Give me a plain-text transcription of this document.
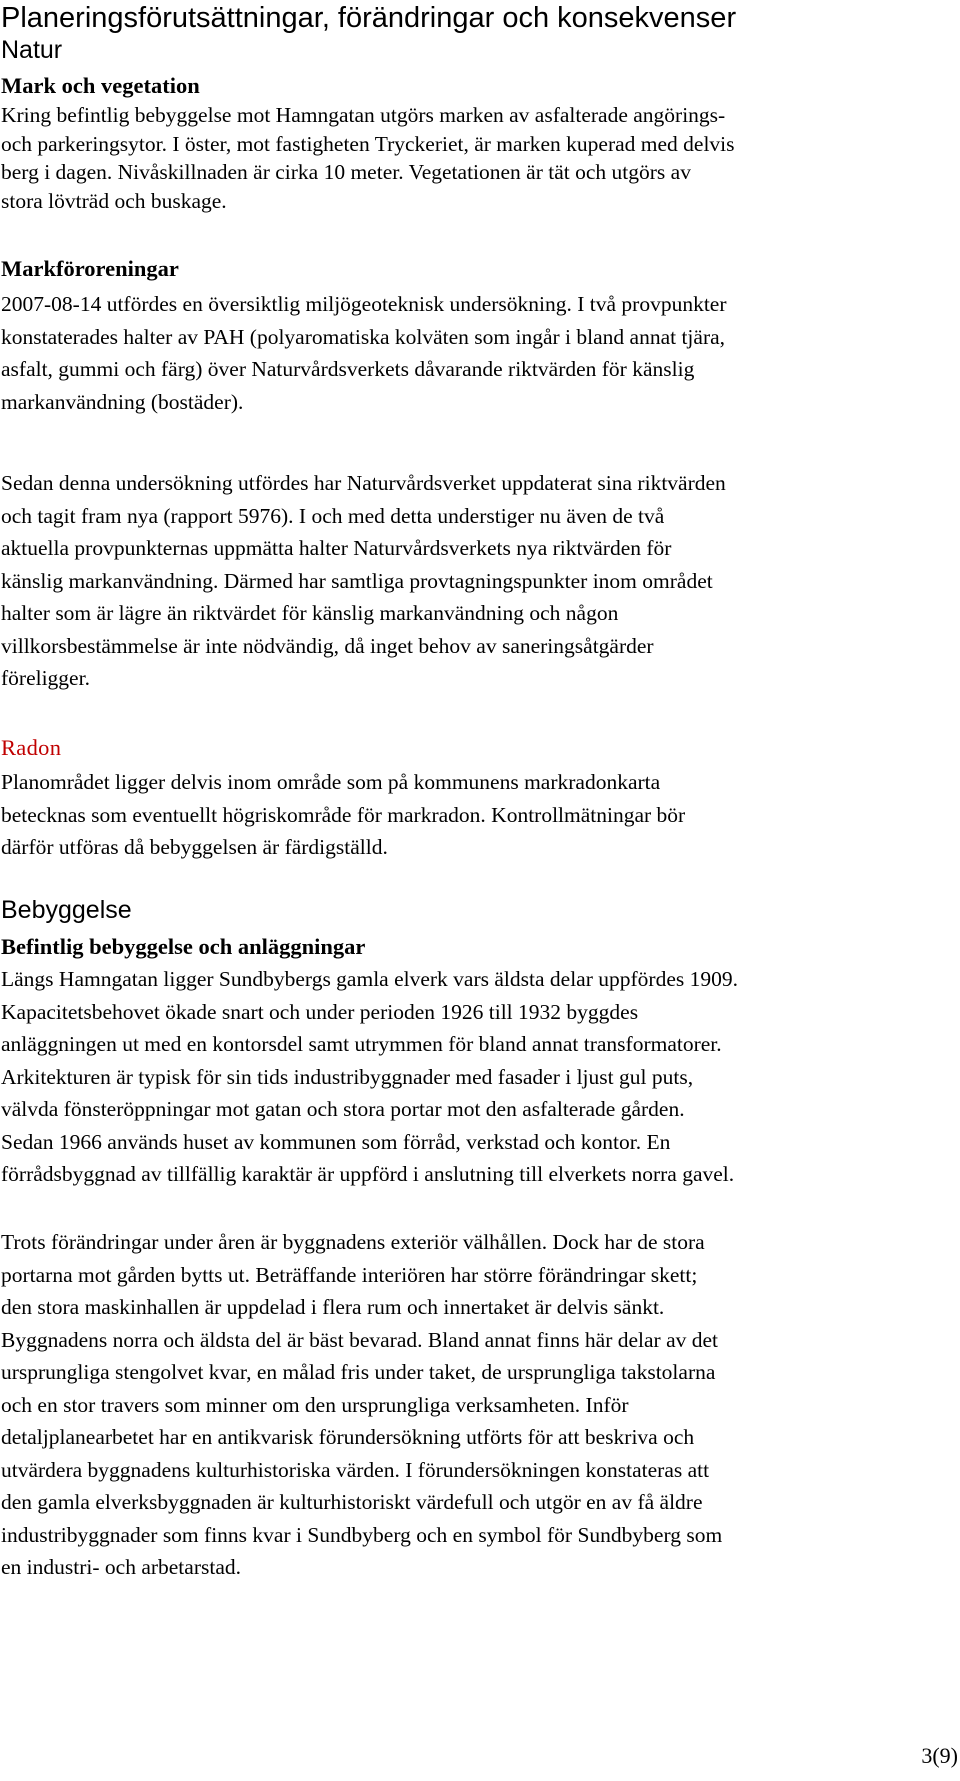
Planeringsförutsättningar, förändringar och konsekvenser
Natur
Mark och vegetation
Kring befintlig bebyggelse mot Hamngatan utgörs marken av asfalterade angörings-
och parkeringsytor. I öster, mot fastigheten Tryckeriet, är marken kuperad med delvis
berg i dagen. Nivåskillnaden är cirka 10 meter. Vegetationen är tät och utgörs av
stora lövträd och buskage.
Markföroreningar
2007-08-14 utfördes en översiktlig miljögeoteknisk undersökning. I två provpunkter
konstaterades halter av PAH (polyaromatiska kolväten som ingår i bland annat tjära,
asfalt, gummi och färg) över Naturvårdsverkets dåvarande riktvärden för känslig
markanvändning (bostäder).
Sedan denna undersökning utfördes har Naturvårdsverket uppdaterat sina riktvärden
och tagit fram nya (rapport 5976). I och med detta understiger nu även de två
aktuella provpunkternas uppmätta halter Naturvårdsverkets nya riktvärden för
känslig markanvändning. Därmed har samtliga provtagningspunkter inom området
halter som är lägre än riktvärdet för känslig markanvändning och någon
villkorsbestämmelse är inte nödvändig, då inget behov av saneringsåtgärder
föreligger.
Radon
Planområdet ligger delvis inom område som på kommunens markradonkarta
betecknas som eventuellt högriskområde för markradon. Kontrollmätningar bör
därför utföras då bebyggelsen är färdigställd.
Bebyggelse
Befintlig bebyggelse och anläggningar
Längs Hamngatan ligger Sundbybergs gamla elverk vars äldsta delar uppfördes 1909.
Kapacitetsbehovet ökade snart och under perioden 1926 till 1932 byggdes
anläggningen ut med en kontorsdel samt utrymmen för bland annat transformatorer.
Arkitekturen är typisk för sin tids industribyggnader med fasader i ljust gul puts,
välvda fönsteröppningar mot gatan och stora portar mot den asfalterade gården.
Sedan 1966 används huset av kommunen som förråd, verkstad och kontor. En
förrådsbyggnad av tillfällig karaktär är uppförd i anslutning till elverkets norra gavel.
Trots förändringar under åren är byggnadens exteriör välhållen. Dock har de stora
portarna mot gården bytts ut. Beträffande interiören har större förändringar skett;
den stora maskinhallen är uppdelad i flera rum och innertaket är delvis sänkt.
Byggnadens norra och äldsta del är bäst bevarad. Bland annat finns här delar av det
ursprungliga stengolvet kvar, en målad fris under taket, de ursprungliga takstolarna
och en stor travers som minner om den ursprungliga verksamheten. Inför
detaljplanearbetet har en antikvarisk förundersökning utförts för att beskriva och
utvärdera byggnadens kulturhistoriska värden. I förundersökningen konstateras att
den gamla elverksbyggnaden är kulturhistoriskt värdefull och utgör en av få äldre
industribyggnader som finns kvar i Sundbyberg och en symbol för Sundbyberg som
en industri- och arbetarstad.
3(9)
